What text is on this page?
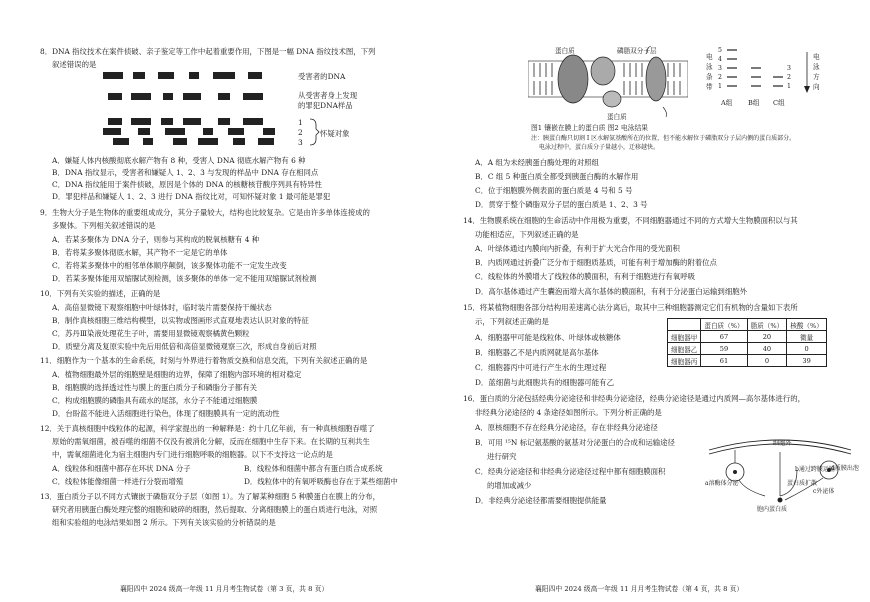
8．DNA 指纹技术在案件侦破、亲子鉴定等工作中起着重要作用，下图是一幅 DNA 指纹技术图，下列
叙述错误的是
受害者的DNA
从受害者身上发现
的罪犯DNA样品
1
2
3
怀疑对象
A．嫌疑人体内核酸彻底水解产物有 8 种，受害人 DNA 彻底水解产物有 6 种
B．DNA 指纹显示，受害者和嫌疑人 1、2、3 与发现的样品中 DNA 存在相同点
C．DNA 指纹能用于案件侦破，原因是个体的 DNA 的核糖核苷酸序列具有特异性
D．罪犯样品和嫌疑人 1、2、3 进行 DNA 指纹比对，可知怀疑对象 1 最可能是罪犯
9．生物大分子是生物体的重要组成成分，其分子量较大，结构也比较复杂。它是由许多单体连接成的
多聚体。下列相关叙述错误的是
A．若某多聚体为 DNA 分子，则参与其构成的脱氧核糖有 4 种
B．若将某多聚体彻底水解，其产物不一定是它的单体
C．若将某多聚体中的相邻单体顺序颠倒，该多聚体功能不一定发生改变
D．若某多聚体能用双缩脲试剂检测，该多聚体的单体一定不能用双缩脲试剂检测
10．下列有关实验的描述，正确的是
A．高倍显微镜下观察细胞中叶绿体时，临时装片需要保持干燥状态
B．制作真核细胞三维结构模型，以实物或图画形式直观地表达认识对象的特征
C．苏丹Ⅲ染液处理花生子叶，需要用显微镜观察橘黄色颗粒
D．质壁分离及复原实验中先后用低倍和高倍显微镜观察三次，形成自身前后对照
11．细胞作为一个基本的生命系统，时刻与外界进行着物质交换和信息交流，下列有关叙述正确的是
A．植物细胞最外层的细胞壁是细胞的边界，保障了细胞内部环境的相对稳定
B．细胞膜的选择透过性与膜上的蛋白质分子和磷脂分子都有关
C．构成细胞膜的磷脂具有疏水的尾部，水分子不能通过细胞膜
D．台盼蓝不能进入活细胞进行染色，体现了细胞膜具有一定的流动性
12．关于真核细胞中线粒体的起源，科学家提出的一种解释是：约十几亿年前，有一种真核细胞吞噬了
原始的需氧细菌，被吞噬的细菌不仅没有被消化分解，反而在细胞中生存下来。在长期的互利共生
中，需氧细菌进化为宿主细胞内专门进行细胞呼吸的细胞器。以下不支持这一论点的是
A．线粒体和细菌中都存在环状 DNA 分子	B．线粒体和细菌中都含有蛋白质合成系统
C．线粒体能像细菌一样进行分裂而增殖	D．线粒体中的有氧呼吸酶也存在于某些细菌中
13．蛋白质分子以不同方式镶嵌于磷脂双分子层（如图 1）。为了解某种细胞 5 种膜蛋白在膜上的分布，
研究者用胰蛋白酶处理完整的细胞和破碎的细胞，然后提取、分离细胞膜上的蛋白质进行电泳，对照
组和实验组的电泳结果如图 2 所示。下列有关该实验的分析错误的是
襄阳四中 2024 级高一年级 11 月月考生物试卷（第 3 页，共 8 页）
蛋白质	磷脂双分子层
蛋白质
电
泳
条
带
5
4
3
2
1
3
2
1
电
泳
方
向
A组 B组 C组
图1 镶嵌在膜上的蛋白质 图2 电泳结果
注：胰蛋白酶只切割 I 区水解氨基酸所在的位置，但不能水解位于磷脂双分子层内侧的蛋白质部分。
电泳过程中，蛋白质分子量越小，迁移越快。
A．A 组为未经胰蛋白酶处理的对照组
B．C 组 5 种蛋白质全都受到胰蛋白酶的水解作用
C．位于细胞膜外侧表面的蛋白质是 4 号和 5 号
D．贯穿于整个磷脂双分子层的蛋白质是 1、2、3 号
14．生物膜系统在细胞的生命活动中作用极为重要，不同细胞器通过不同的方式增大生物膜面积以与其
功能相适应，下列叙述正确的是
A．叶绿体通过内膜向内折叠，有利于扩大光合作用的受光面积
B．内质网通过折叠广泛分布于细胞质基质，可能有利于增加酶的附着位点
C．线粒体的外膜增大了线粒体的膜面积，有利于细胞进行有氧呼吸
D．高尔基体通过产生囊泡而增大高尔基体的膜面积，有利于分泌蛋白运输到细胞外
15．将某植物细胞各部分结构用差速离心法分离后，取其中三种细胞器测定它们有机物的含量如下表所
示，下列叙述正确的是
A．细胞器甲可能是线粒体、叶绿体或核糖体
B．细胞器乙不是内质网就是高尔基体
C．细胞器丙中可进行产生水的生理过程
D．蓝细菌与此细胞共有的细胞器可能有乙
	蛋白质（%）	脂质（%）	核酸（%）
细胞器甲	67	20	微量
细胞器乙	59	40	0
细胞器丙	61	0	39
16．蛋白质的分泌包括经典分泌途径和非经典分泌途径，经典分泌途径是通过内质网—高尔基体进行的，
非经典分泌途径的 4 条途径如图所示。下列分析正确的是
A．原核细胞不存在经典分泌途径，存在非经典分泌途径
B．可用 ¹⁵N 标记氨基酸的氨基对分泌蛋白的合成和运输途径
进行研究
C．经典分泌途径和非经典分泌途径过程中都有细胞膜面积
的增加或减少
D．非经典分泌途径都需要细胞提供能量
细胞外
a溶酶体分泌
b通过跨膜运输
d质膜出泡
c外泌体
胞内蛋白质
蛋白质扩散
襄阳四中 2024 级高一年级 11 月月考生物试卷（第 4 页，共 8 页）
